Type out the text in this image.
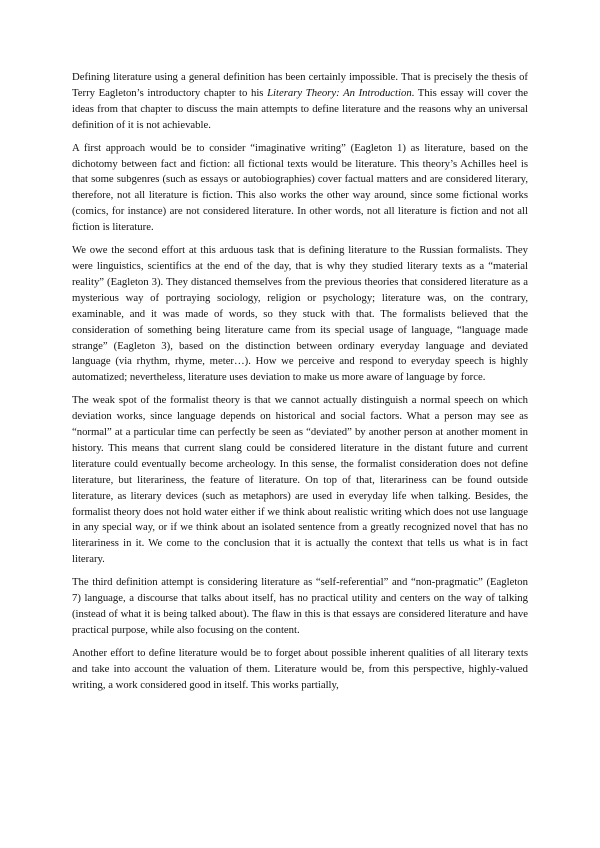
Defining literature using a general definition has been certainly impossible. That is precisely the thesis of Terry Eagleton’s introductory chapter to his Literary Theory: An Introduction. This essay will cover the ideas from that chapter to discuss the main attempts to define literature and the reasons why an universal definition of it is not achievable.

A first approach would be to consider “imaginative writing” (Eagleton 1) as literature, based on the dichotomy between fact and fiction: all fictional texts would be literature. This theory’s Achilles heel is that some subgenres (such as essays or autobiographies) cover factual matters and are considered literary, therefore, not all literature is fiction. This also works the other way around, since some fictional works (comics, for instance) are not considered literature. In other words, not all literature is fiction and not all fiction is literature.

We owe the second effort at this arduous task that is defining literature to the Russian formalists. They were linguistics, scientifics at the end of the day, that is why they studied literary texts as a “material reality” (Eagleton 3). They distanced themselves from the previous theories that considered literature as a mysterious way of portraying sociology, religion or psychology; literature was, on the contrary, examinable, and it was made of words, so they stuck with that. The formalists believed that the consideration of something being literature came from its special usage of language, “language made strange” (Eagleton 3), based on the distinction between ordinary everyday language and deviated language (via rhythm, rhyme, meter…). How we perceive and respond to everyday speech is highly automatized; nevertheless, literature uses deviation to make us more aware of language by force.

The weak spot of the formalist theory is that we cannot actually distinguish a normal speech on which deviation works, since language depends on historical and social factors. What a person may see as “normal” at a particular time can perfectly be seen as “deviated” by another person at another moment in history. This means that current slang could be considered literature in the distant future and current literature could eventually become archeology. In this sense, the formalist consideration does not define literature, but literariness, the feature of literature. On top of that, literariness can be found outside literature, as literary devices (such as metaphors) are used in everyday life when talking. Besides, the formalist theory does not hold water either if we think about realistic writing which does not use language in any special way, or if we think about an isolated sentence from a greatly recognized novel that has no literariness in it. We come to the conclusion that it is actually the context that tells us what is in fact literary.

The third definition attempt is considering literature as “self-referential” and “non-pragmatic” (Eagleton 7) language, a discourse that talks about itself, has no practical utility and centers on the way of talking (instead of what it is being talked about). The flaw in this is that essays are considered literature and have practical purpose, while also focusing on the content.

Another effort to define literature would be to forget about possible inherent qualities of all literary texts and take into account the valuation of them. Literature would be, from this perspective, highly-valued writing, a work considered good in itself. This works partially,
